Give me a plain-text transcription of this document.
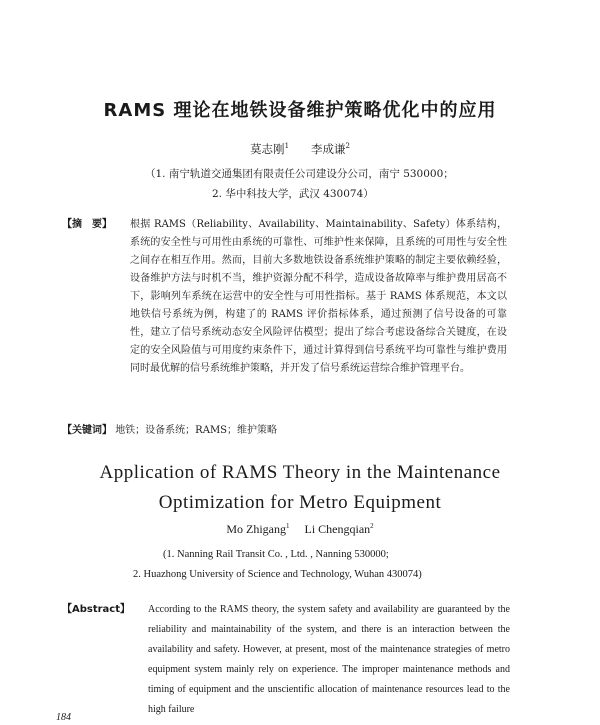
RAMS 理论在地铁设备维护策略优化中的应用
莫志刚$^1$ 李成谦$^2$
（1. 南宁轨道交通集团有限责任公司建设分公司，南宁 530000；
2. 华中科技大学，武汉 430074）
【摘　要】 根据 RAMS（Reliability、Availability、Maintainability、Safety）体系结构，系统的安全性与可用性由系统的可靠性、可维护性来保障，且系统的可用性与安全性之间存在相互作用。然而，目前大多数地铁设备系统维护策略的制定主要依赖经验，设备维护方法与时机不当，维护资源分配不科学，造成设备故障率与维护费用居高不下，影响列车系统在运营中的安全性与可用性指标。基于 RAMS 体系规范，本文以地铁信号系统为例，构建了的 RAMS 评价指标体系，通过预测了信号设备的可靠性，建立了信号系统动态安全风险评估模型；提出了综合考虑设备综合关键度，在设定的安全风险值与可用度约束条件下，通过计算得到信号系统平均可靠性与维护费用同时最优解的信号系统维护策略，并开发了信号系统运营综合维护管理平台。

【关键词】 地铁；设备系统；RAMS；维护策略
Application of RAMS Theory in the Maintenance
Optimization for Metro Equipment
Mo Zhigang$^1$ Li Chengqian$^2$
(1. Nanning Rail Transit Co. , Ltd. , Nanning 530000;
2. Huazhong University of Science and Technology, Wuhan 430074)
【Abstract】 According to the RAMS theory, the system safety and availability are guaranteed by the reliability and maintainability of the system, and there is an interaction between the availability and safety. However, at present, most of the maintenance strategies of metro equipment system mainly rely on experience. The improper maintenance methods and timing of equipment and the unscientific allocation of maintenance resources lead to the high failure

184
